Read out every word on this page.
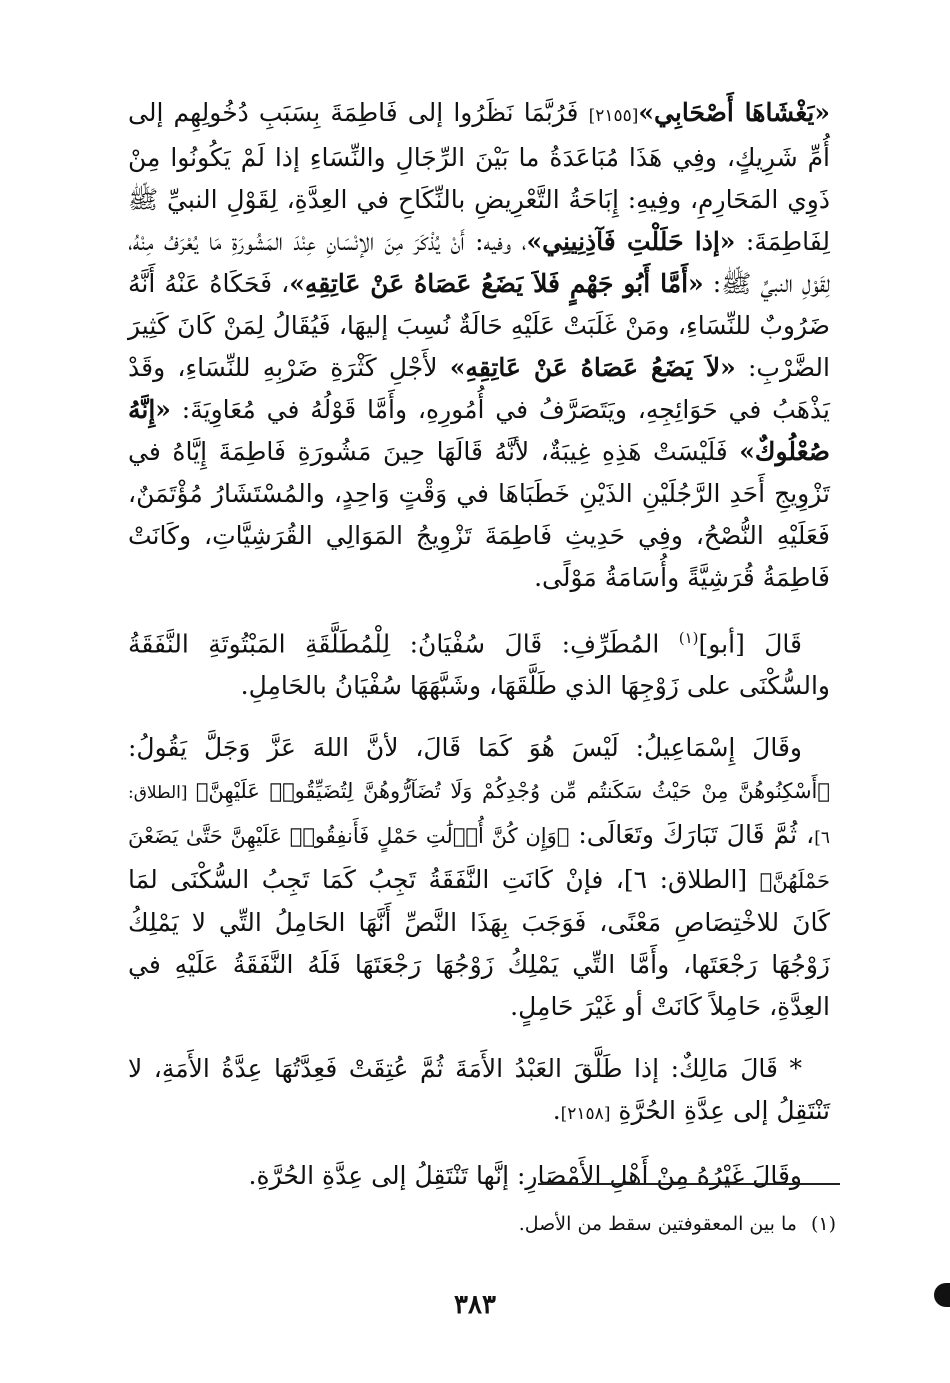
«يَغْشَاهَا أَصْحَابِي»[٢١٥٥] فَرُبَّمَا نَظَرُوا إلى فَاطِمَةَ بِسَبَبِ دُخُولِهِم إلى أُمِّ شَرِيكٍ، وفِي هَذَا مُبَاعَدَةُ ما بَيْنَ الرِّجَالِ والنِّسَاءِ إذا لَمْ يَكُونُوا مِنْ ذَوِي المَحَارِمِ، وفِيهِ: إِبَاحَةُ التَّعْرِيضِ بالنِّكَاحِ في العِدَّةِ، لِقَوْلِ النبيِّ ﷺ لِفَاطِمَةَ: «إذا حَلَلْتِ فَآذِنِينِي»، وفيه: أَنْ يُذْكَرَ مِنَ الإنْسَانِ عِنْدَ المَشُورَةِ مَا يُعْرَفُ مِنْهُ، لِقَوْلِ النبيِّ ﷺ: «أَمَّا أَبُو جَهْمٍ فَلاَ يَضَعُ عَصَاهُ عَنْ عَاتِقِهِ»، فَحَكَاهُ عَنْهُ أَنَّهُ ضَرُوبٌ للنِّسَاءِ، ومَنْ غَلَبَتْ عَلَيْهِ حَالَةٌ نُسِبَ إليهَا، فَيُقَالُ لِمَنْ كَانَ كَثِيرَ الضَّرْبِ: «لاَ يَضَعُ عَصَاهُ عَنْ عَاتِقِهِ» لأَجْلِ كَثْرَةِ ضَرْبِهِ للنِّسَاءِ، وقَدْ يَذْهَبُ في حَوَائِجِهِ، ويَتَصَرَّفُ في أُمُورِهِ، وأَمَّا قَوْلُهُ في مُعَاوِيَةَ: «إِنَّهُ صُعْلُوكٌ» فَلَيْسَتْ هَذِهِ غِيبَةٌ، لأنَّهُ قَالَهَا حِينَ مَشُورَةِ فَاطِمَةَ إِيَّاهُ في تَزْوِيجِ أَحَدِ الرَّجُلَيْنِ الذَيْنِ خَطَبَاهَا في وَقْتٍ وَاحِدٍ، والمُسْتَشَارُ مُؤْتَمَنٌ، فَعَلَيْهِ النُّصْحُ، وفِي حَدِيثِ فَاطِمَةَ تَزْوِيجُ المَوَالِي القُرَشِيَّاتِ، وكَانَتْ فَاطِمَةُ قُرَشِيَّةً وأُسَامَةُ مَوْلًى.

قَالَ [أبو]$^{(١)}$ المُطَرِّفِ: قَالَ سُفْيَانُ: لِلْمُطَلَّقَةِ المَبْتُوتَةِ النَّفَقَةُ والسُّكْنَى على زَوْجِهَا الذي طَلَّقَهَا، وشَبَّهَهَا سُفْيَانُ بالحَامِلِ.

وقَالَ إِسْمَاعِيلُ: لَيْسَ هُوَ كَمَا قَالَ، لأنَّ اللهَ عَزَّ وَجَلَّ يَقُولُ: ﴿أَسْكِنُوهُنَّ مِنْ حَيْثُ سَكَنتُم مِّن وُجْدِكُمْ وَلَا تُضَآرُّوهُنَّ لِتُضَيِّقُوا۟ عَلَيْهِنَّ﴾ [الطلاق: ٦]، ثُمَّ قَالَ تَبَارَكَ وتَعَالَى: ﴿وَإِن كُنَّ أُو۟لَٰتِ حَمْلٍ فَأَنفِقُوا۟ عَلَيْهِنَّ حَتَّىٰ يَضَعْنَ حَمْلَهُنَّ﴾ [الطلاق: ٦]، فإنْ كَانَتِ النَّفَقَةُ تَجِبُ كَمَا تَجِبُ السُّكْنَى لمَا كَانَ للاخْتِصَاصِ مَعْنًى، فَوَجَبَ بِهَذَا النَّصِّ أَنَّهَا الحَامِلُ التِّي لا يَمْلِكُ زَوْجُهَا رَجْعَتَها، وأَمَّا التِّي يَمْلِكُ زَوْجُهَا رَجْعَتَهَا فَلَهُ النَّفَقَةُ عَلَيْهِ في العِدَّةِ، حَامِلاً كَانَتْ أو غَيْرَ حَامِلٍ.

* قَالَ مَالِكٌ: إذا طَلَّقَ العَبْدُ الأَمَةَ ثُمَّ عُتِقَتْ فَعِدَّتُهَا عِدَّةُ الأَمَةِ، لا تَنْتَقِلُ إلى عِدَّةِ الحُرَّةِ [٢١٥٨].

وقَالَ غَيْرُهُ مِنْ أَهْلِ الأَمْصَارِ: إنَّها تَنْتَقِلُ إلى عِدَّةِ الحُرَّةِ.

(١)ما بين المعقوفتين سقط من الأصل.
٣٨٣
